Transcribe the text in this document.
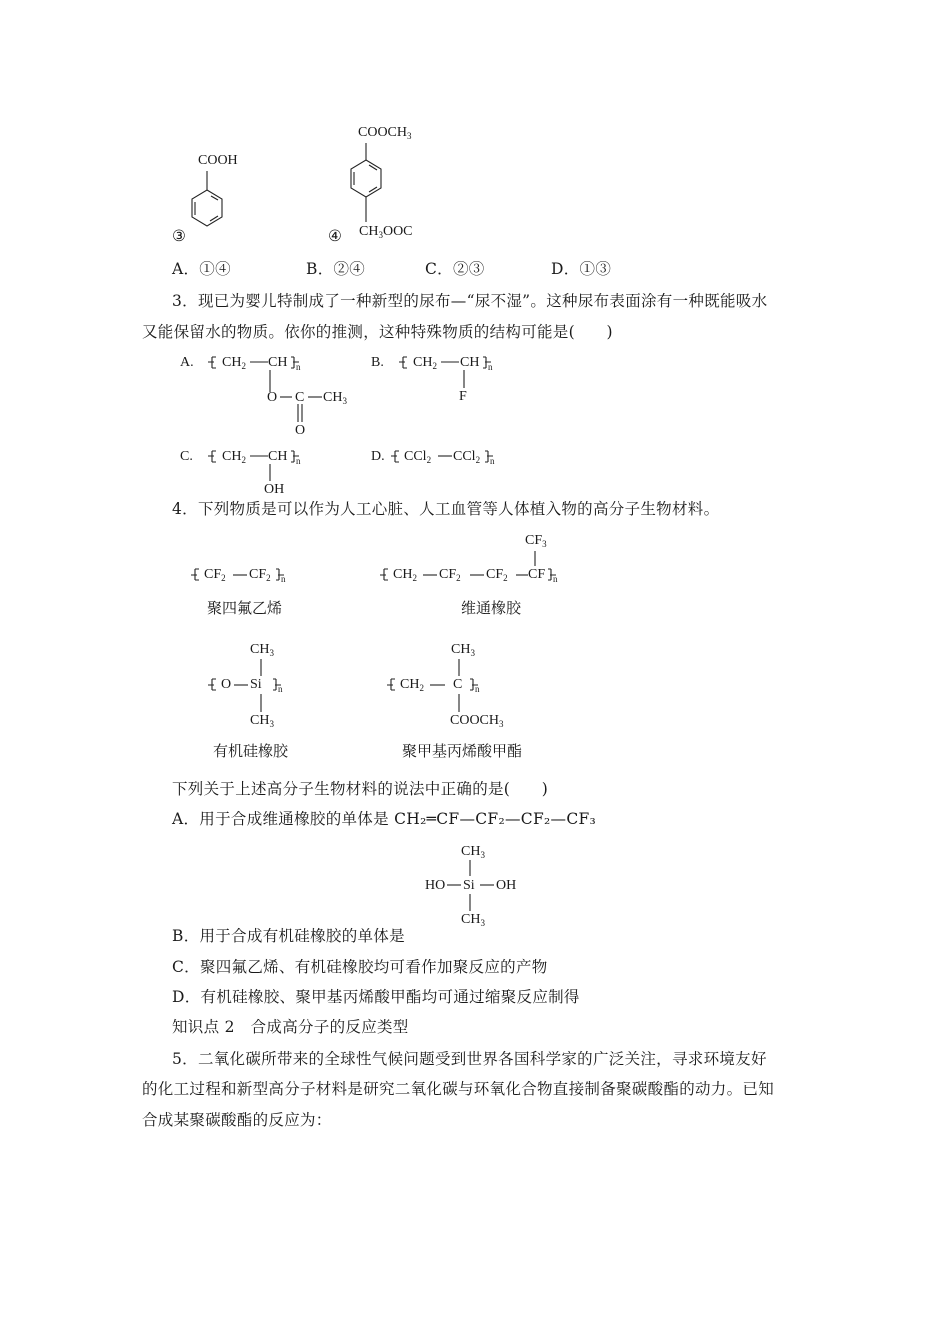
COOH
③
$COOCH_3$
④ $CH_3OOC$
A．①④	B．②④	C．②③	D．①③
3．现已为婴儿特制成了一种新型的尿布—“尿不湿”。这种尿布表面涂有一种既能吸水
又能保留水的物质。依你的推测，这种特殊物质的结构可能是(　　)
A. $CH_2$ CH n
O C $CH_3$
O
B. $CH_2$ CH n
F
C. $CH_2$ CH n
OH
D. CCl$_2$ CCl$_2$ n
4．下列物质是可以作为人工心脏、人工血管等人体植入物的高分子生物材料。
$CF_2$ $CF_2$ n
聚四氟乙烯
$CF_3$
$CH_2$ $CF_2$ $CF_2$ CF n
维通橡胶
$CH_3$
O Si n
$CH_3$
有机硅橡胶
$CH_3$
$CH_2$ C n
$COOCH_3$
聚甲基丙烯酸甲酯
下列关于上述高分子生物材料的说法中正确的是(　　)
A．用于合成维通橡胶的单体是 CH₂═CF—CF₂—CF₂—CF₃
$CH_3$
HO Si OH
$CH_3$
B．用于合成有机硅橡胶的单体是
C．聚四氟乙烯、有机硅橡胶均可看作加聚反应的产物
D．有机硅橡胶、聚甲基丙烯酸甲酯均可通过缩聚反应制得
知识点 2　合成高分子的反应类型
5．二氧化碳所带来的全球性气候问题受到世界各国科学家的广泛关注，寻求环境友好
的化工过程和新型高分子材料是研究二氧化碳与环氧化合物直接制备聚碳酸酯的动力。已知
合成某聚碳酸酯的反应为：
